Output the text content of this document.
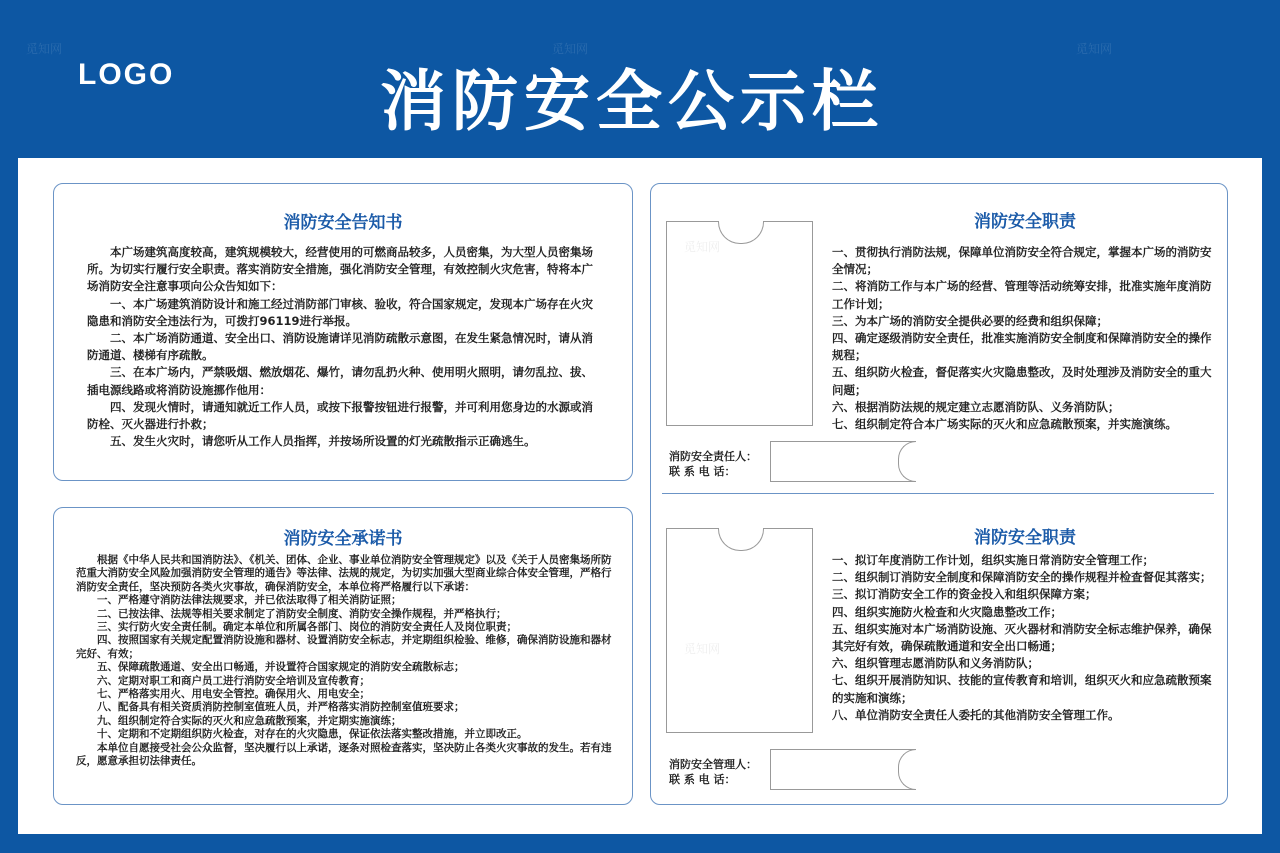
LOGO	消防安全公示栏
消防安全告知书

本广场建筑高度较高，建筑规模较大，经营使用的可燃商品较多，人员密集，为大型人员密集场所。为切实行履行安全职责。落实消防安全措施，强化消防安全管理，有效控制火灾危害，特将本广场消防安全注意事项向公众告知如下：

一、本广场建筑消防设计和施工经过消防部门审核、验收，符合国家规定，发现本广场存在火灾隐患和消防安全违法行为，可拨打96119进行举报。

二、本广场消防通道、安全出口、消防设施请详见消防疏散示意图，在发生紧急情况时，请从消防通道、楼梯有序疏散。

三、在本广场内，严禁吸烟、燃放烟花、爆竹，请勿乱扔火种、使用明火照明，请勿乱拉、拔、插电源线路或将消防设施挪作他用：

四、发现火情时，请通知就近工作人员，或按下报警按钮进行报警，并可利用您身边的水源或消防栓、灭火器进行扑救；

五、发生火灾时，请您听从工作人员指挥，并按场所设置的灯光疏散指示正确逃生。

消防安全承诺书

根据《中华人民共和国消防法》、《机关、团体、企业、事业单位消防安全管理规定》以及《关于人员密集场所防范重大消防安全风险加强消防安全管理的通告》等法律、法规的规定，为切实加强大型商业综合体安全管理，严格行消防安全责任，坚决预防各类火灾事故，确保消防安全，本单位将严格履行以下承诺：

一、严格遵守消防法律法规要求，并已依法取得了相关消防证照；

二、已按法律、法规等相关要求制定了消防安全制度、消防安全操作规程，并严格执行；

三、实行防火安全责任制。确定本单位和所属各部门、岗位的消防安全责任人及岗位职责；

四、按照国家有关规定配置消防设施和器材、设置消防安全标志，并定期组织检验、维修，确保消防设施和器材完好、有效；

五、保障疏散通道、安全出口畅通，并设置符合国家规定的消防安全疏散标志；

六、定期对职工和商户员工进行消防安全培训及宣传教育；

七、严格落实用火、用电安全管控。确保用火、用电安全；

八、配备具有相关资质消防控制室值班人员，并严格落实消防控制室值班要求；

九、组织制定符合实际的灭火和应急疏散预案，并定期实施演练；

十、定期和不定期组织防火检查，对存在的火灾隐患，保证依法落实整改措施，并立即改正。

本单位自愿接受社会公众监督，坚决履行以上承诺，逐条对照检查落实，坚决防止各类火灾事故的发生。若有违反，愿意承担切法律责任。

消防安全职责

一、贯彻执行消防法规，保障单位消防安全符合规定，掌握本广场的消防安全情况；

二、将消防工作与本广场的经营、管理等活动统筹安排，批准实施年度消防工作计划；

三、为本广场的消防安全提供必要的经费和组织保障；

四、确定逐级消防安全责任，批准实施消防安全制度和保障消防安全的操作规程；

五、组织防火检查，督促落实火灾隐患整改，及时处理涉及消防安全的重大问题；

六、根据消防法规的规定建立志愿消防队、义务消防队；

七、组织制定符合本广场实际的灭火和应急疏散预案，并实施演练。

消防安全责任人：
联 系 电 话：
消防安全职责

一、拟订年度消防工作计划，组织实施日常消防安全管理工作；

二、组织制订消防安全制度和保障消防安全的操作规程并检查督促其落实；

三、拟订消防安全工作的资金投入和组织保障方案；

四、组织实施防火检查和火灾隐患整改工作；

五、组织实施对本广场消防设施、灭火器材和消防安全标志维护保养，确保其完好有效，确保疏散通道和安全出口畅通；

六、组织管理志愿消防队和义务消防队；

七、组织开展消防知识、技能的宣传教育和培训，组织灭火和应急疏散预案的实施和演练；

八、单位消防安全责任人委托的其他消防安全管理工作。

消防安全管理人：
联 系 电 话：
觅知网	觅知网	觅知网
